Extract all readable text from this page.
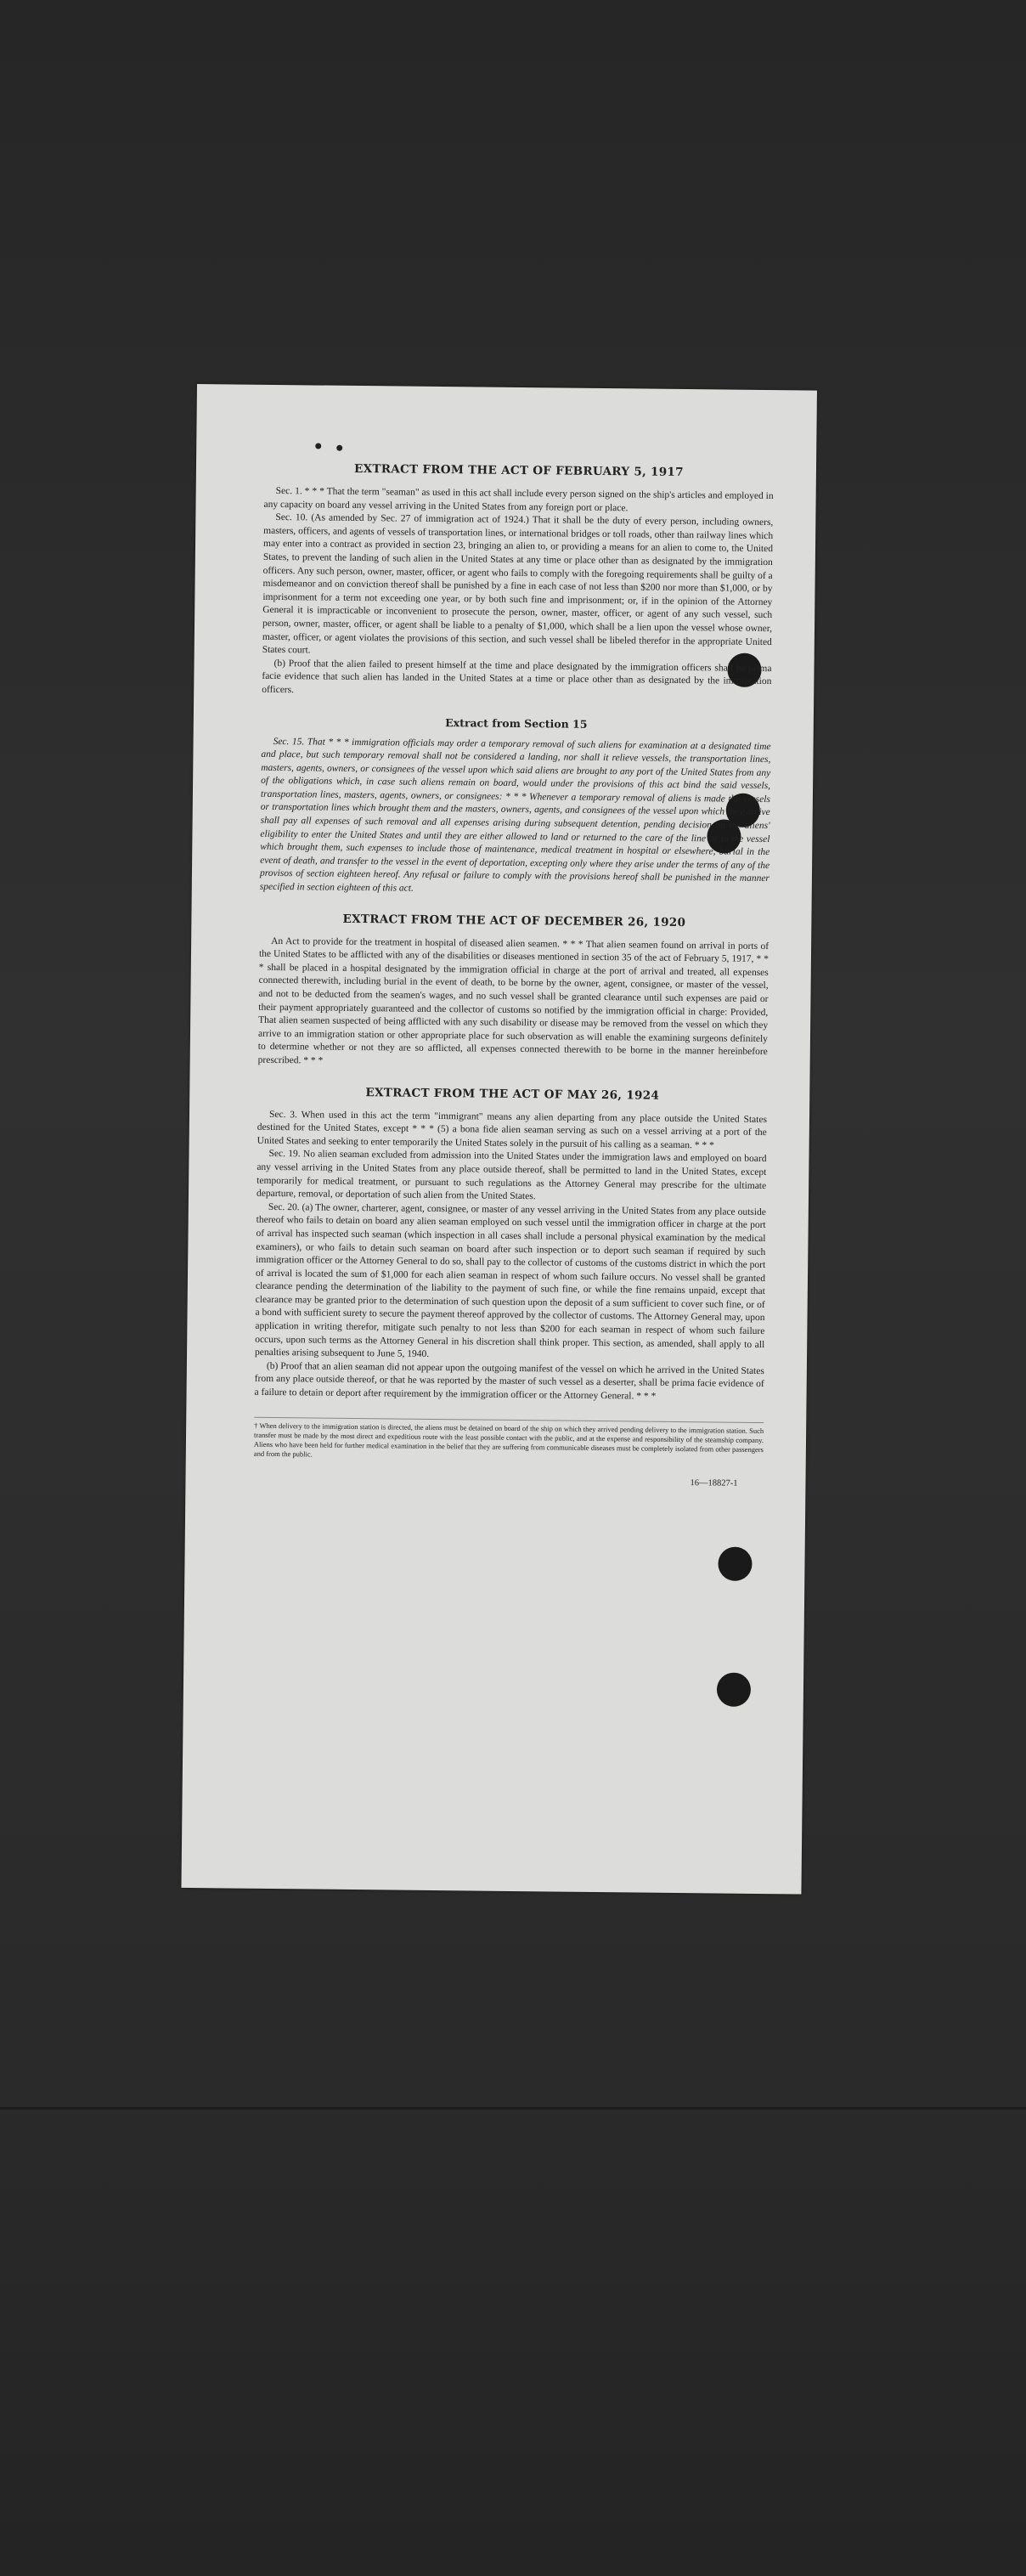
EXTRACT FROM THE ACT OF FEBRUARY 5, 1917

Sec. 1. * * * That the term "seaman" as used in this act shall include every person signed on the ship's articles and employed in any capacity on board any vessel arriving in the United States from any foreign port or place.

Sec. 10. (As amended by Sec. 27 of immigration act of 1924.) That it shall be the duty of every person, including owners, masters, officers, and agents of vessels of transportation lines, or international bridges or toll roads, other than railway lines which may enter into a contract as provided in section 23, bringing an alien to, or providing a means for an alien to come to, the United States, to prevent the landing of such alien in the United States at any time or place other than as designated by the immigration officers. Any such person, owner, master, officer, or agent who fails to comply with the foregoing requirements shall be guilty of a misdemeanor and on conviction thereof shall be punished by a fine in each case of not less than $200 nor more than $1,000, or by imprisonment for a term not exceeding one year, or by both such fine and imprisonment; or, if in the opinion of the Attorney General it is impracticable or inconvenient to prosecute the person, owner, master, officer, or agent of any such vessel, such person, owner, master, officer, or agent shall be liable to a penalty of $1,000, which shall be a lien upon the vessel whose owner, master, officer, or agent violates the provisions of this section, and such vessel shall be libeled therefor in the appropriate United States court.

(b) Proof that the alien failed to present himself at the time and place designated by the immigration officers shall be prima facie evidence that such alien has landed in the United States at a time or place other than as designated by the immigration officers.

Extract from Section 15

Sec. 15. That * * * immigration officials may order a temporary removal of such aliens for examination at a designated time and place, but such temporary removal shall not be considered a landing, nor shall it relieve vessels, the transportation lines, masters, agents, owners, or consignees of the vessel upon which said aliens are brought to any port of the United States from any of the obligations which, in case such aliens remain on board, would under the provisions of this act bind the said vessels, transportation lines, masters, agents, owners, or consignees: * * * Whenever a temporary removal of aliens is made the vessels or transportation lines which brought them and the masters, owners, agents, and consignees of the vessel upon which they arrive shall pay all expenses of such removal and all expenses arising during subsequent detention, pending decision on the aliens' eligibility to enter the United States and until they are either allowed to land or returned to the care of the line or to the vessel which brought them, such expenses to include those of maintenance, medical treatment in hospital or elsewhere, burial in the event of death, and transfer to the vessel in the event of deportation, excepting only where they arise under the terms of any of the provisos of section eighteen hereof. Any refusal or failure to comply with the provisions hereof shall be punished in the manner specified in section eighteen of this act.

EXTRACT FROM THE ACT OF DECEMBER 26, 1920

An Act to provide for the treatment in hospital of diseased alien seamen. * * * That alien seamen found on arrival in ports of the United States to be afflicted with any of the disabilities or diseases mentioned in section 35 of the act of February 5, 1917, * * * shall be placed in a hospital designated by the immigration official in charge at the port of arrival and treated, all expenses connected therewith, including burial in the event of death, to be borne by the owner, agent, consignee, or master of the vessel, and not to be deducted from the seamen's wages, and no such vessel shall be granted clearance until such expenses are paid or their payment appropriately guaranteed and the collector of customs so notified by the immigration official in charge: Provided, That alien seamen suspected of being afflicted with any such disability or disease may be removed from the vessel on which they arrive to an immigration station or other appropriate place for such observation as will enable the examining surgeons definitely to determine whether or not they are so afflicted, all expenses connected therewith to be borne in the manner hereinbefore prescribed. * * *

EXTRACT FROM THE ACT OF MAY 26, 1924

Sec. 3. When used in this act the term "immigrant" means any alien departing from any place outside the United States destined for the United States, except * * * (5) a bona fide alien seaman serving as such on a vessel arriving at a port of the United States and seeking to enter temporarily the United States solely in the pursuit of his calling as a seaman. * * *

Sec. 19. No alien seaman excluded from admission into the United States under the immigration laws and employed on board any vessel arriving in the United States from any place outside thereof, shall be permitted to land in the United States, except temporarily for medical treatment, or pursuant to such regulations as the Attorney General may prescribe for the ultimate departure, removal, or deportation of such alien from the United States.

Sec. 20. (a) The owner, charterer, agent, consignee, or master of any vessel arriving in the United States from any place outside thereof who fails to detain on board any alien seaman employed on such vessel until the immigration officer in charge at the port of arrival has inspected such seaman (which inspection in all cases shall include a personal physical examination by the medical examiners), or who fails to detain such seaman on board after such inspection or to deport such seaman if required by such immigration officer or the Attorney General to do so, shall pay to the collector of customs of the customs district in which the port of arrival is located the sum of $1,000 for each alien seaman in respect of whom such failure occurs. No vessel shall be granted clearance pending the determination of the liability to the payment of such fine, or while the fine remains unpaid, except that clearance may be granted prior to the determination of such question upon the deposit of a sum sufficient to cover such fine, or of a bond with sufficient surety to secure the payment thereof approved by the collector of customs. The Attorney General may, upon application in writing therefor, mitigate such penalty to not less than $200 for each seaman in respect of whom such failure occurs, upon such terms as the Attorney General in his discretion shall think proper. This section, as amended, shall apply to all penalties arising subsequent to June 5, 1940.

(b) Proof that an alien seaman did not appear upon the outgoing manifest of the vessel on which he arrived in the United States from any place outside thereof, or that he was reported by the master of such vessel as a deserter, shall be prima facie evidence of a failure to detain or deport after requirement by the immigration officer or the Attorney General. * * *

† When delivery to the immigration station is directed, the aliens must be detained on board of the ship on which they arrived pending delivery to the immigration station. Such transfer must be made by the most direct and expeditious route with the least possible contact with the public, and at the expense and responsibility of the steamship company. Aliens who have been held for further medical examination in the belief that they are suffering from communicable diseases must be completely isolated from other passengers and from the public.
16—18827-1
